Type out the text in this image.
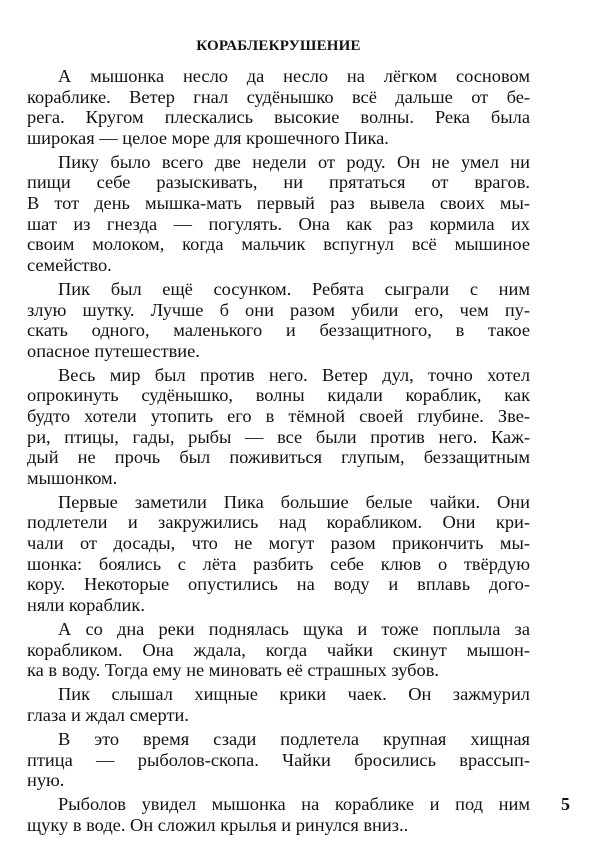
КОРАБЛЕКРУШЕНИЕ
А мышонка несло да несло на лёгком сосновом
кораблике. Ветер гнал судёнышко всё дальше от бе-
рега. Кругом плескались высокие волны. Река была
широкая — целое море для крошечного Пика.
Пику было всего две недели от роду. Он не умел ни
пищи себе разыскивать, ни прятаться от врагов.
В тот день мышка-мать первый раз вывела своих мы-
шат из гнезда — погулять. Она как раз кормила их
своим молоком, когда мальчик вспугнул всё мышиное
семейство.
Пик был ещё сосунком. Ребята сыграли с ним
злую шутку. Лучше б они разом убили его, чем пу-
скать одного, маленького и беззащитного, в такое
опасное путешествие.
Весь мир был против него. Ветер дул, точно хотел
опрокинуть судёнышко, волны кидали кораблик, как
будто хотели утопить его в тёмной своей глубине. Зве-
ри, птицы, гады, рыбы — все были против него. Каж-
дый не прочь был поживиться глупым, беззащитным
мышонком.
Первые заметили Пика большие белые чайки. Они
подлетели и закружились над корабликом. Они кри-
чали от досады, что не могут разом прикончить мы-
шонка: боялись с лёта разбить себе клюв о твёрдую
кору. Некоторые опустились на воду и вплавь дого-
няли кораблик.
А со дна реки поднялась щука и тоже поплыла за
корабликом. Она ждала, когда чайки скинут мышон-
ка в воду. Тогда ему не миновать её страшных зубов.
Пик слышал хищные крики чаек. Он зажмурил
глаза и ждал смерти.
В это время сзади подлетела крупная хищная
птица — рыболов-скопа. Чайки бросились врассып-
ную.
Рыболов увидел мышонка на кораблике и под ним
щуку в воде. Он сложил крылья и ринулся вниз..
5
